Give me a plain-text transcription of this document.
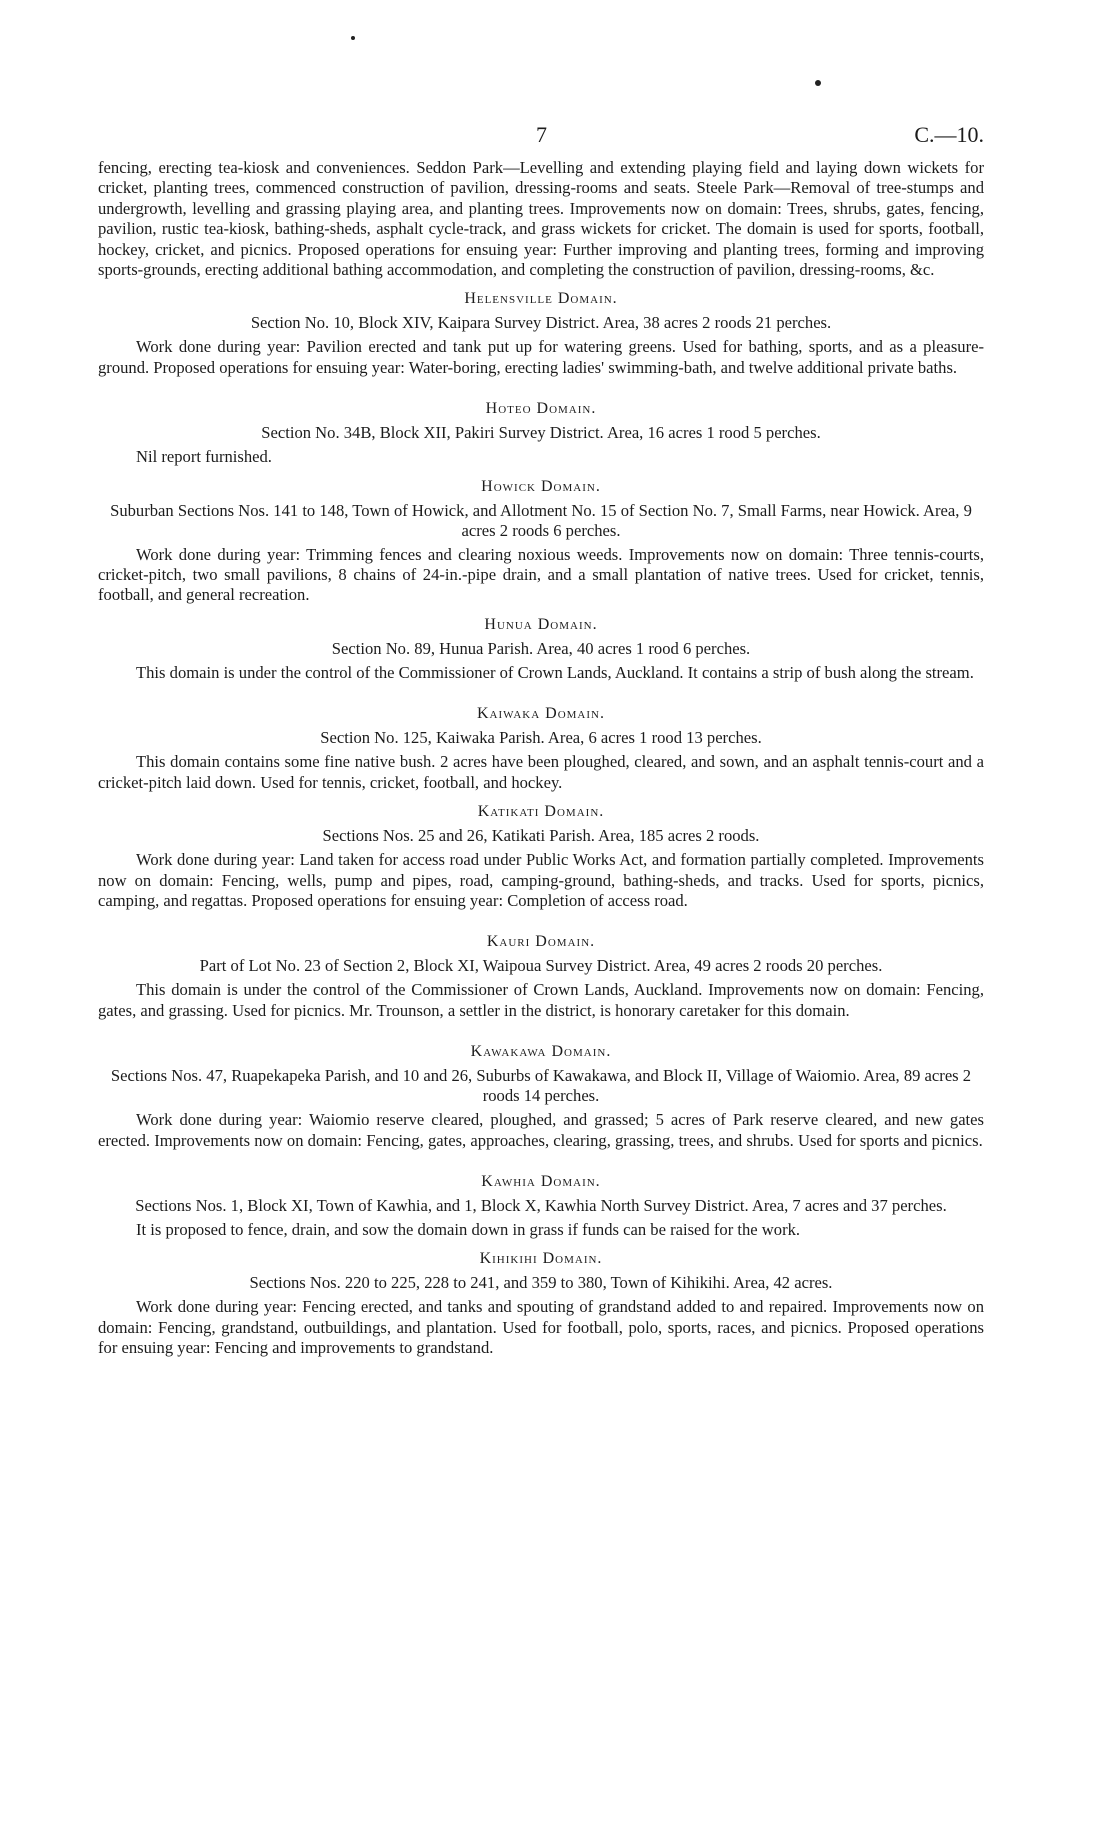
7	C.—10.

fencing, erecting tea-kiosk and conveniences. Seddon Park—Levelling and extending playing field and laying down wickets for cricket, planting trees, commenced construction of pavilion, dressing-rooms and seats. Steele Park—Removal of tree-stumps and undergrowth, levelling and grassing playing area, and planting trees. Improvements now on domain: Trees, shrubs, gates, fencing, pavilion, rustic tea-kiosk, bathing-sheds, asphalt cycle-track, and grass wickets for cricket. The domain is used for sports, football, hockey, cricket, and picnics. Proposed operations for ensuing year: Further improving and planting trees, forming and improving sports-grounds, erecting additional bathing accommodation, and completing the construction of pavilion, dressing-rooms, &c.

Helensville Domain.
Section No. 10, Block XIV, Kaipara Survey District. Area, 38 acres 2 roods 21 perches.

Work done during year: Pavilion erected and tank put up for watering greens. Used for bathing, sports, and as a pleasure-ground. Proposed operations for ensuing year: Water-boring, erecting ladies' swimming-bath, and twelve additional private baths.

Hoteo Domain.
Section No. 34B, Block XII, Pakiri Survey District. Area, 16 acres 1 rood 5 perches.

Nil report furnished.

Howick Domain.
Suburban Sections Nos. 141 to 148, Town of Howick, and Allotment No. 15 of Section No. 7, Small Farms, near Howick. Area, 9 acres 2 roods 6 perches.

Work done during year: Trimming fences and clearing noxious weeds. Improvements now on domain: Three tennis-courts, cricket-pitch, two small pavilions, 8 chains of 24-in.-pipe drain, and a small plantation of native trees. Used for cricket, tennis, football, and general recreation.

Hunua Domain.
Section No. 89, Hunua Parish. Area, 40 acres 1 rood 6 perches.

This domain is under the control of the Commissioner of Crown Lands, Auckland. It contains a strip of bush along the stream.

Kaiwaka Domain.
Section No. 125, Kaiwaka Parish. Area, 6 acres 1 rood 13 perches.

This domain contains some fine native bush. 2 acres have been ploughed, cleared, and sown, and an asphalt tennis-court and a cricket-pitch laid down. Used for tennis, cricket, football, and hockey.

Katikati Domain.
Sections Nos. 25 and 26, Katikati Parish. Area, 185 acres 2 roods.

Work done during year: Land taken for access road under Public Works Act, and formation partially completed. Improvements now on domain: Fencing, wells, pump and pipes, road, camping-ground, bathing-sheds, and tracks. Used for sports, picnics, camping, and regattas. Proposed operations for ensuing year: Completion of access road.

Kauri Domain.
Part of Lot No. 23 of Section 2, Block XI, Waipoua Survey District. Area, 49 acres 2 roods 20 perches.

This domain is under the control of the Commissioner of Crown Lands, Auckland. Improvements now on domain: Fencing, gates, and grassing. Used for picnics. Mr. Trounson, a settler in the district, is honorary caretaker for this domain.

Kawakawa Domain.
Sections Nos. 47, Ruapekapeka Parish, and 10 and 26, Suburbs of Kawakawa, and Block II, Village of Waiomio. Area, 89 acres 2 roods 14 perches.

Work done during year: Waiomio reserve cleared, ploughed, and grassed; 5 acres of Park reserve cleared, and new gates erected. Improvements now on domain: Fencing, gates, approaches, clearing, grassing, trees, and shrubs. Used for sports and picnics.

Kawhia Domain.
Sections Nos. 1, Block XI, Town of Kawhia, and 1, Block X, Kawhia North Survey District. Area, 7 acres and 37 perches.

It is proposed to fence, drain, and sow the domain down in grass if funds can be raised for the work.

Kihikihi Domain.
Sections Nos. 220 to 225, 228 to 241, and 359 to 380, Town of Kihikihi. Area, 42 acres.

Work done during year: Fencing erected, and tanks and spouting of grandstand added to and repaired. Improvements now on domain: Fencing, grandstand, outbuildings, and plantation. Used for football, polo, sports, races, and picnics. Proposed operations for ensuing year: Fencing and improvements to grandstand.
